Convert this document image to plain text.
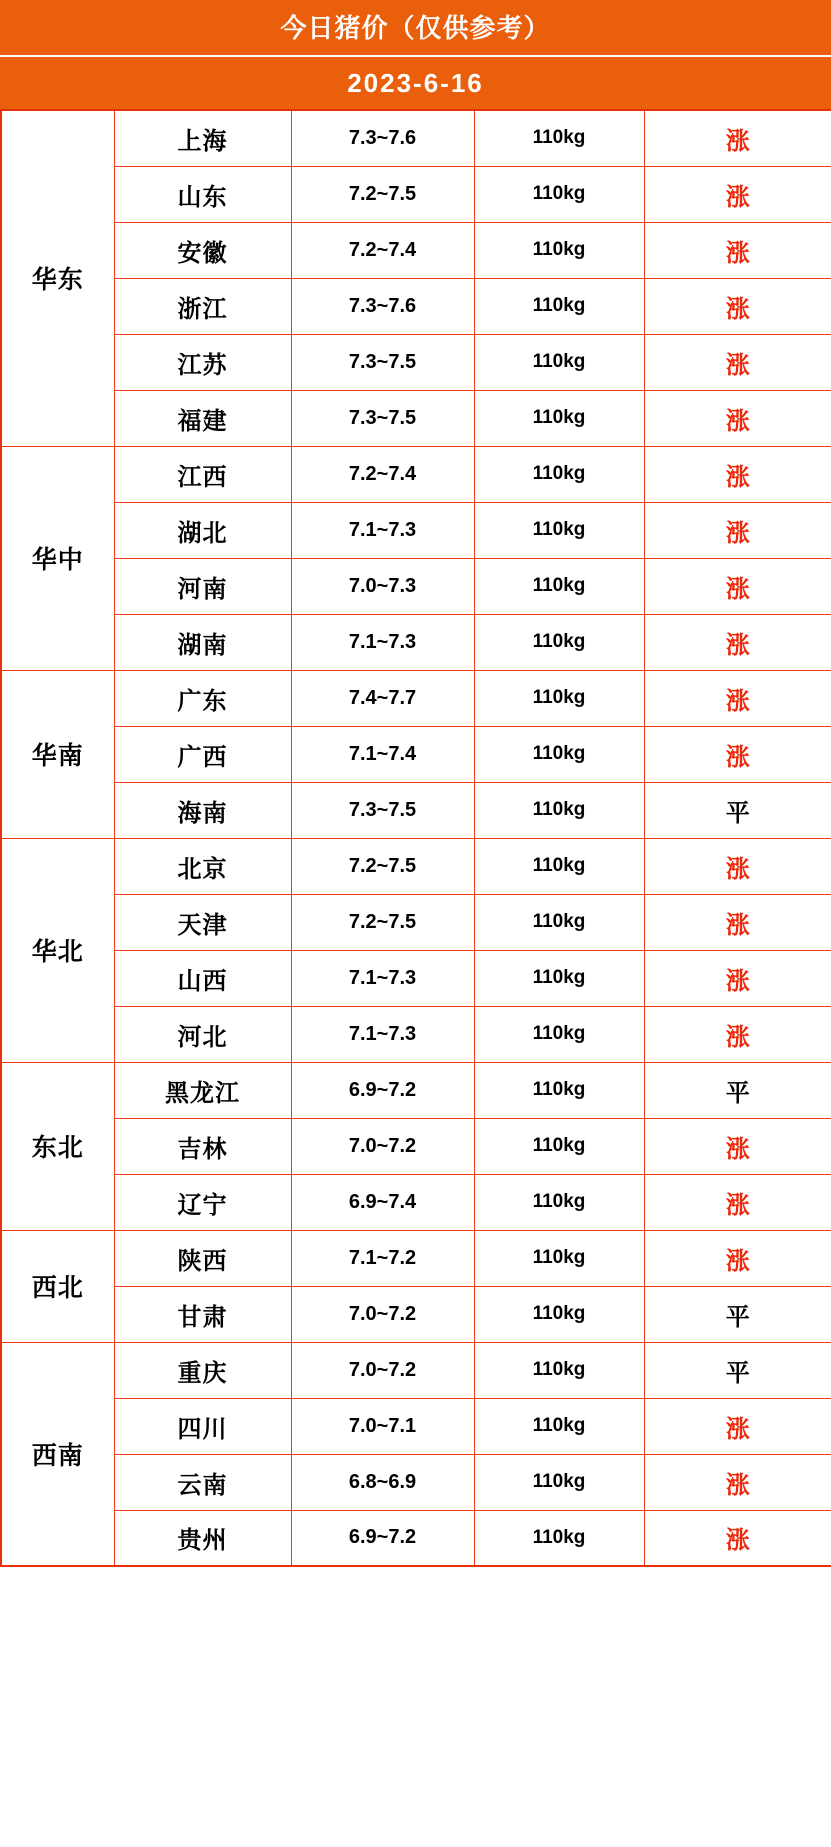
今日猪价（仅供参考）
2023-6-16
华东	上海	7.3~7.6	110kg	涨
	山东	7.2~7.5	110kg	涨
	安徽	7.2~7.4	110kg	涨
	浙江	7.3~7.6	110kg	涨
	江苏	7.3~7.5	110kg	涨
	福建	7.3~7.5	110kg	涨
华中	江西	7.2~7.4	110kg	涨
	湖北	7.1~7.3	110kg	涨
	河南	7.0~7.3	110kg	涨
	湖南	7.1~7.3	110kg	涨
华南	广东	7.4~7.7	110kg	涨
	广西	7.1~7.4	110kg	涨
	海南	7.3~7.5	110kg	平
华北	北京	7.2~7.5	110kg	涨
	天津	7.2~7.5	110kg	涨
	山西	7.1~7.3	110kg	涨
	河北	7.1~7.3	110kg	涨
东北	黑龙江	6.9~7.2	110kg	平
	吉林	7.0~7.2	110kg	涨
	辽宁	6.9~7.4	110kg	涨
西北	陕西	7.1~7.2	110kg	涨
	甘肃	7.0~7.2	110kg	平
西南	重庆	7.0~7.2	110kg	平
	四川	7.0~7.1	110kg	涨
	云南	6.8~6.9	110kg	涨
	贵州	6.9~7.2	110kg	涨
